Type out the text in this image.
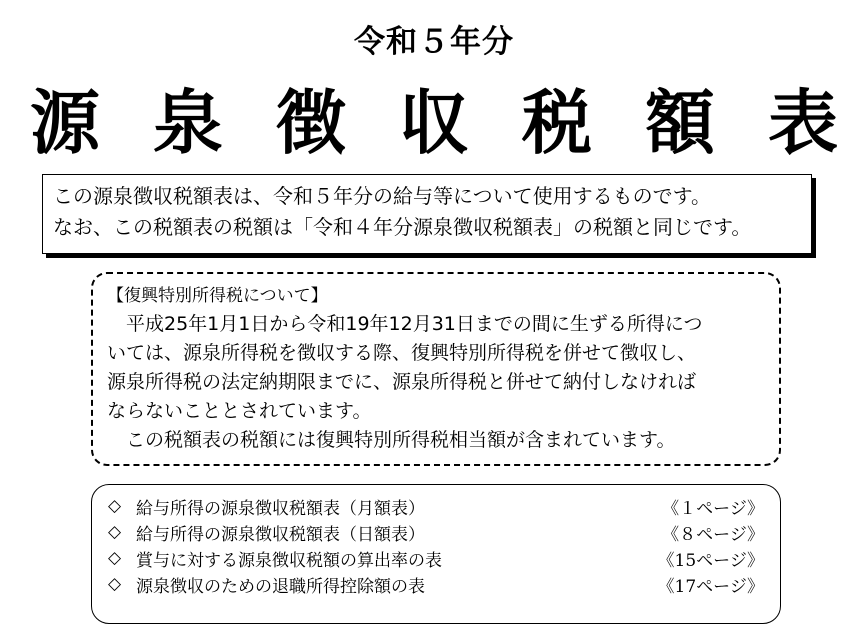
令和５年分
源 泉 徴 収 税 額 表

この源泉徴収税額表は、令和５年分の給与等について使用するものです。

なお、この税額表の税額は「令和４年分源泉徴収税額表」の税額と同じです。

【復興特別所得税について】

平成25年1月1日から令和19年12月31日までの間に生ずる所得につ

いては、源泉所得税を徴収する際、復興特別所得税を併せて徴収し、

源泉所得税の法定納期限までに、源泉所得税と併せて納付しなければ

ならないこととされています。

この税額表の税額には復興特別所得税相当額が含まれています。

◇ 給与所得の源泉徴収税額表（月額表）	《１ページ》
◇ 給与所得の源泉徴収税額表（日額表）	《８ページ》
◇ 賞与に対する源泉徴収税額の算出率の表	《15ページ》
◇ 源泉徴収のための退職所得控除額の表	《17ページ》
